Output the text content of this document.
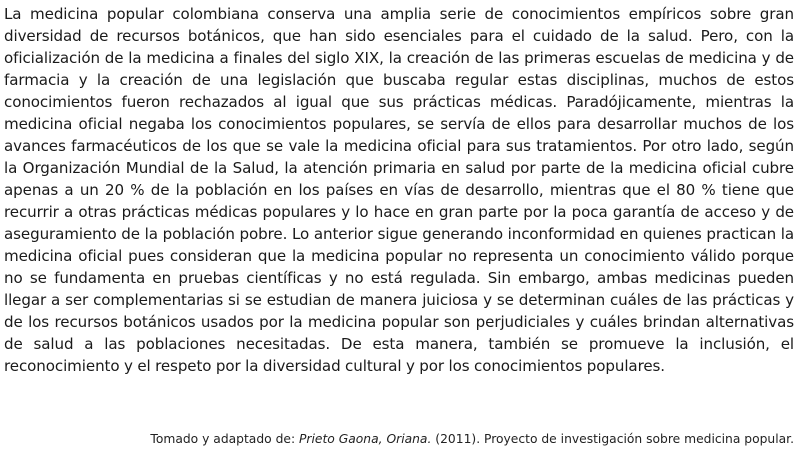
La medicina popular colombiana conserva una amplia serie de conocimientos empíricos sobre gran diversidad de recursos botánicos, que han sido esenciales para el cuidado de la salud. Pero, con la oficialización de la medicina a finales del siglo XIX, la creación de las primeras escuelas de medicina y de farmacia y la creación de una legislación que buscaba regular estas disciplinas, muchos de estos conocimientos fueron rechazados al igual que sus prácticas médicas. Paradójicamente, mientras la medicina oficial negaba los conocimientos populares, se servía de ellos para desarrollar muchos de los avances farmacéuticos de los que se vale la medicina oficial para sus tratamientos. Por otro lado, según la Organización Mundial de la Salud, la atención primaria en salud por parte de la medicina oficial cubre apenas a un 20 % de la población en los países en vías de desarrollo, mientras que el 80 % tiene que recurrir a otras prácticas médicas populares y lo hace en gran parte por la poca garantía de acceso y de aseguramiento de la población pobre. Lo anterior sigue generando inconformidad en quienes practican la medicina oficial pues consideran que la medicina popular no representa un conocimiento válido porque no se fundamenta en pruebas científicas y no está regulada. Sin embargo, ambas medicinas pueden llegar a ser complementarias si se estudian de manera juiciosa y se determinan cuáles de las prácticas y de los recursos botánicos usados por la medicina popular son perjudiciales y cuáles brindan alternativas de salud a las poblaciones necesitadas. De esta manera, también se promueve la inclusión, el reconocimiento y el respeto por la diversidad cultural y por los conocimientos populares.

Tomado y adaptado de: Prieto Gaona, Oriana. (2011). Proyecto de investigación sobre medicina popular.
